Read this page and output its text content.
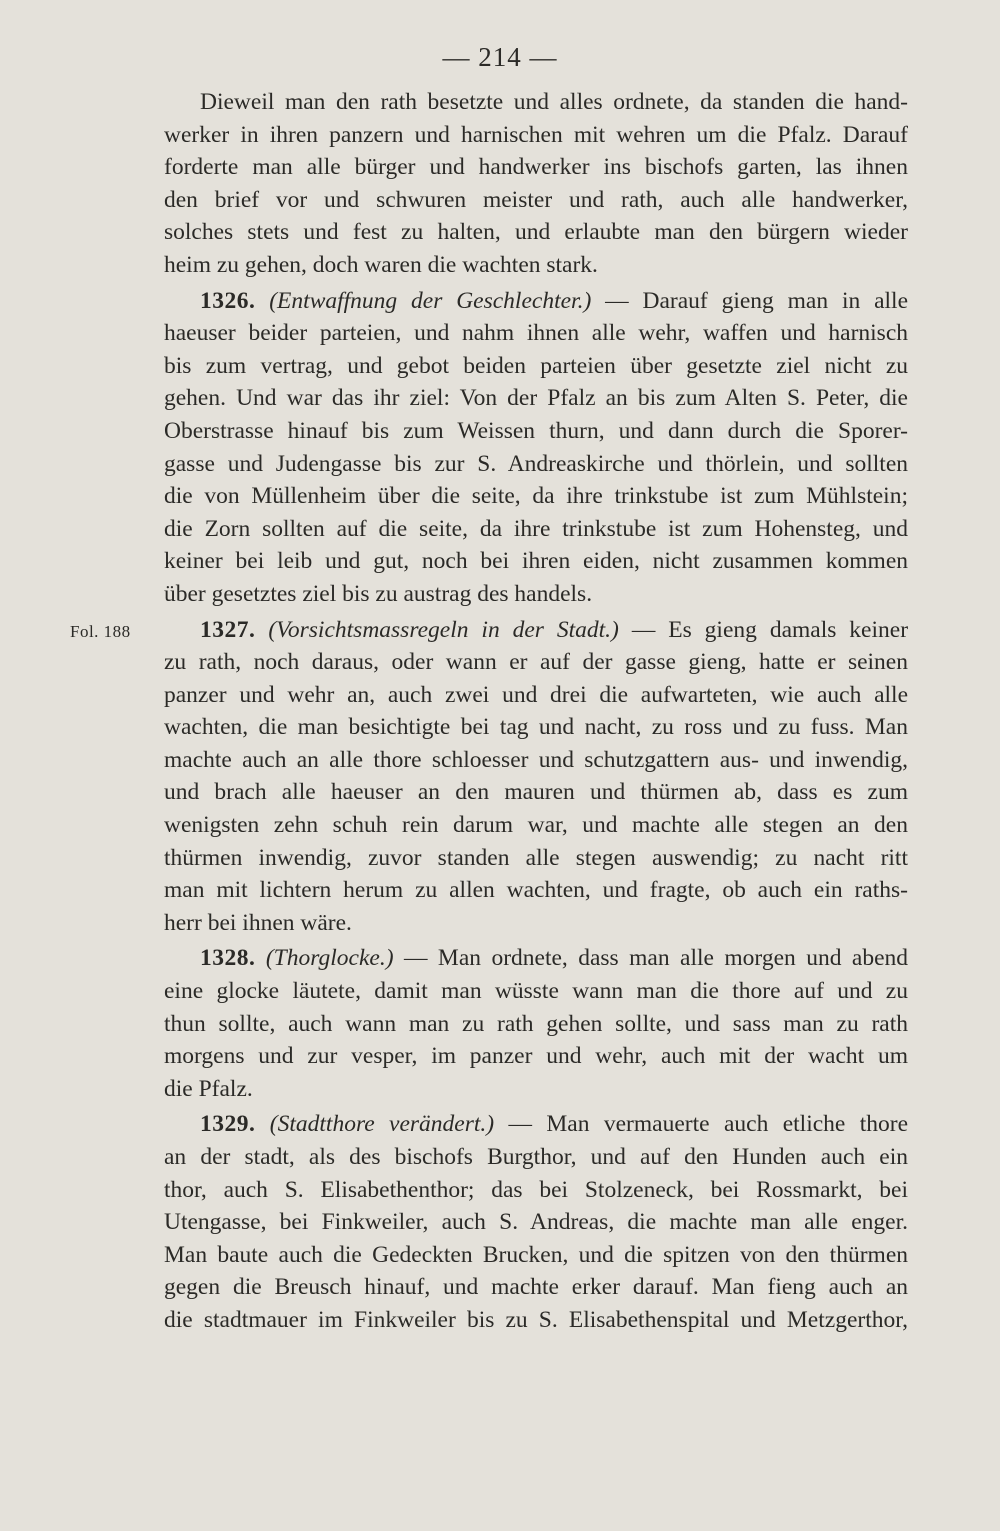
— 214 —
Fol. 188
Dieweil man den rath besetzte und alles ordnete, da standen die hand-
werker in ihren panzern und harnischen mit wehren um die Pfalz. Darauf
forderte man alle bürger und handwerker ins bischofs garten, las ihnen
den brief vor und schwuren meister und rath, auch alle handwerker,
solches stets und fest zu halten, und erlaubte man den bürgern wieder
heim zu gehen, doch waren die wachten stark.
1326. (Entwaffnung der Geschlechter.) — Darauf gieng man in alle
haeuser beider parteien, und nahm ihnen alle wehr, waffen und harnisch
bis zum vertrag, und gebot beiden parteien über gesetzte ziel nicht zu
gehen. Und war das ihr ziel: Von der Pfalz an bis zum Alten S. Peter, die
Oberstrasse hinauf bis zum Weissen thurn, und dann durch die Sporer-
gasse und Judengasse bis zur S. Andreaskirche und thörlein, und sollten
die von Müllenheim über die seite, da ihre trinkstube ist zum Mühlstein;
die Zorn sollten auf die seite, da ihre trinkstube ist zum Hohensteg, und
keiner bei leib und gut, noch bei ihren eiden, nicht zusammen kommen
über gesetztes ziel bis zu austrag des handels.
1327. (Vorsichtsmassregeln in der Stadt.) — Es gieng damals keiner
zu rath, noch daraus, oder wann er auf der gasse gieng, hatte er seinen
panzer und wehr an, auch zwei und drei die aufwarteten, wie auch alle
wachten, die man besichtigte bei tag und nacht, zu ross und zu fuss. Man
machte auch an alle thore schloesser und schutzgattern aus- und inwendig,
und brach alle haeuser an den mauren und thürmen ab, dass es zum
wenigsten zehn schuh rein darum war, und machte alle stegen an den
thürmen inwendig, zuvor standen alle stegen auswendig; zu nacht ritt
man mit lichtern herum zu allen wachten, und fragte, ob auch ein raths-
herr bei ihnen wäre.
1328. (Thorglocke.) — Man ordnete, dass man alle morgen und abend
eine glocke läutete, damit man wüsste wann man die thore auf und zu
thun sollte, auch wann man zu rath gehen sollte, und sass man zu rath
morgens und zur vesper, im panzer und wehr, auch mit der wacht um
die Pfalz.
1329. (Stadtthore verändert.) — Man vermauerte auch etliche thore
an der stadt, als des bischofs Burgthor, und auf den Hunden auch ein
thor, auch S. Elisabethenthor; das bei Stolzeneck, bei Rossmarkt, bei
Utengasse, bei Finkweiler, auch S. Andreas, die machte man alle enger.
Man baute auch die Gedeckten Brucken, und die spitzen von den thürmen
gegen die Breusch hinauf, und machte erker darauf. Man fieng auch an
die stadtmauer im Finkweiler bis zu S. Elisabethenspital und Metzgerthor,
